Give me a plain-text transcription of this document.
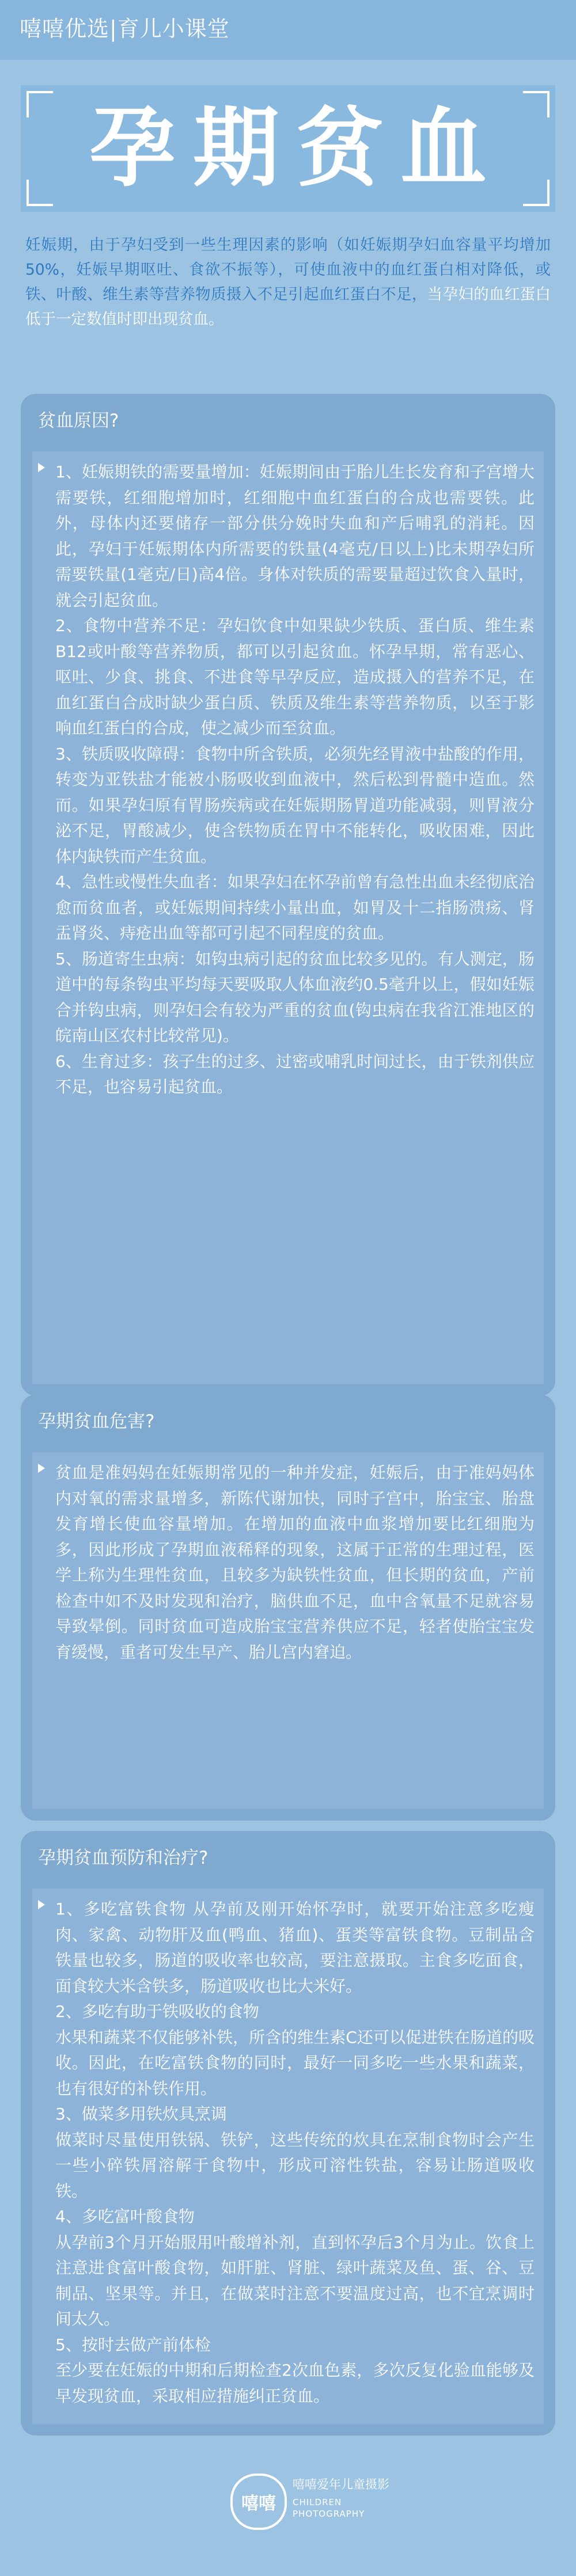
嘻嘻优选|育儿小课堂
孕期贫血
妊娠期，由于孕妇受到一些生理因素的影响（如妊娠期孕妇血容量平均增加50%，妊娠早期呕吐、食欲不振等），可使血液中的血红蛋白相对降低，或铁、叶酸、维生素等营养物质摄入不足引起血红蛋白不足，当孕妇的血红蛋白低于一定数值时即出现贫血。
贫血原因?

1、妊娠期铁的需要量增加：妊娠期间由于胎儿生长发育和子宫增大需要铁，红细胞增加时，红细胞中血红蛋白的合成也需要铁。此外，母体内还要储存一部分供分娩时失血和产后哺乳的消耗。因此，孕妇于妊娠期体内所需要的铁量(4毫克/日以上)比未期孕妇所需要铁量(1毫克/日)高4倍。身体对铁质的需要量超过饮食入量时，就会引起贫血。

2、食物中营养不足：孕妇饮食中如果缺少铁质、蛋白质、维生素B12或叶酸等营养物质，都可以引起贫血。怀孕早期，常有恶心、呕吐、少食、挑食、不进食等早孕反应，造成摄入的营养不足，在血红蛋白合成时缺少蛋白质、铁质及维生素等营养物质，以至于影响血红蛋白的合成，使之减少而至贫血。

3、铁质吸收障碍：食物中所含铁质，必须先经胃液中盐酸的作用，转变为亚铁盐才能被小肠吸收到血液中，然后松到骨髓中造血。然而。如果孕妇原有胃肠疾病或在妊娠期肠胃道功能减弱，则胃液分泌不足，胃酸减少，使含铁物质在胃中不能转化，吸收困难，因此体内缺铁而产生贫血。

4、急性或慢性失血者：如果孕妇在怀孕前曾有急性出血未经彻底治愈而贫血者，或妊娠期间持续小量出血，如胃及十二指肠溃疡、肾盂肾炎、痔疮出血等都可引起不同程度的贫血。

5、肠道寄生虫病：如钩虫病引起的贫血比较多见的。有人测定，肠道中的每条钩虫平均每天要吸取人体血液约0.5毫升以上，假如妊娠合并钩虫病，则孕妇会有较为严重的贫血(钩虫病在我省江淮地区的皖南山区农村比较常见)。

6、生育过多：孩子生的过多、过密或哺乳时间过长，由于铁剂供应不足，也容易引起贫血。

孕期贫血危害?

贫血是准妈妈在妊娠期常见的一种并发症，妊娠后，由于准妈妈体内对氧的需求量增多，新陈代谢加快，同时子宫中，胎宝宝、胎盘发育增长使血容量增加。在增加的血液中血浆增加要比红细胞为多，因此形成了孕期血液稀释的现象，这属于正常的生理过程，医学上称为生理性贫血，且较多为缺铁性贫血，但长期的贫血，产前检查中如不及时发现和治疗，脑供血不足，血中含氧量不足就容易导致晕倒。同时贫血可造成胎宝宝营养供应不足，轻者使胎宝宝发育缓慢，重者可发生早产、胎儿宫内窘迫。

孕期贫血预防和治疗?

1、多吃富铁食物 从孕前及刚开始怀孕时，就要开始注意多吃瘦肉、家禽、动物肝及血(鸭血、猪血)、蛋类等富铁食物。豆制品含铁量也较多，肠道的吸收率也较高，要注意摄取。主食多吃面食，面食较大米含铁多，肠道吸收也比大米好。

2、多吃有助于铁吸收的食物

水果和蔬菜不仅能够补铁，所含的维生素C还可以促进铁在肠道的吸收。因此，在吃富铁食物的同时，最好一同多吃一些水果和蔬菜，也有很好的补铁作用。

3、做菜多用铁炊具烹调

做菜时尽量使用铁锅、铁铲，这些传统的炊具在烹制食物时会产生一些小碎铁屑溶解于食物中，形成可溶性铁盐，容易让肠道吸收铁。

4、多吃富叶酸食物

从孕前3个月开始服用叶酸增补剂，直到怀孕后3个月为止。饮食上注意进食富叶酸食物，如肝脏、肾脏、绿叶蔬菜及鱼、蛋、谷、豆制品、坚果等。并且，在做菜时注意不要温度过高，也不宜烹调时间太久。

5、按时去做产前体检

至少要在妊娠的中期和后期检查2次血色素，多次反复化验血能够及早发现贫血，采取相应措施纠正贫血。

嘻嘻
嘻嘻爱年儿童摄影
CHILDREN
PHOTOGRAPHY
